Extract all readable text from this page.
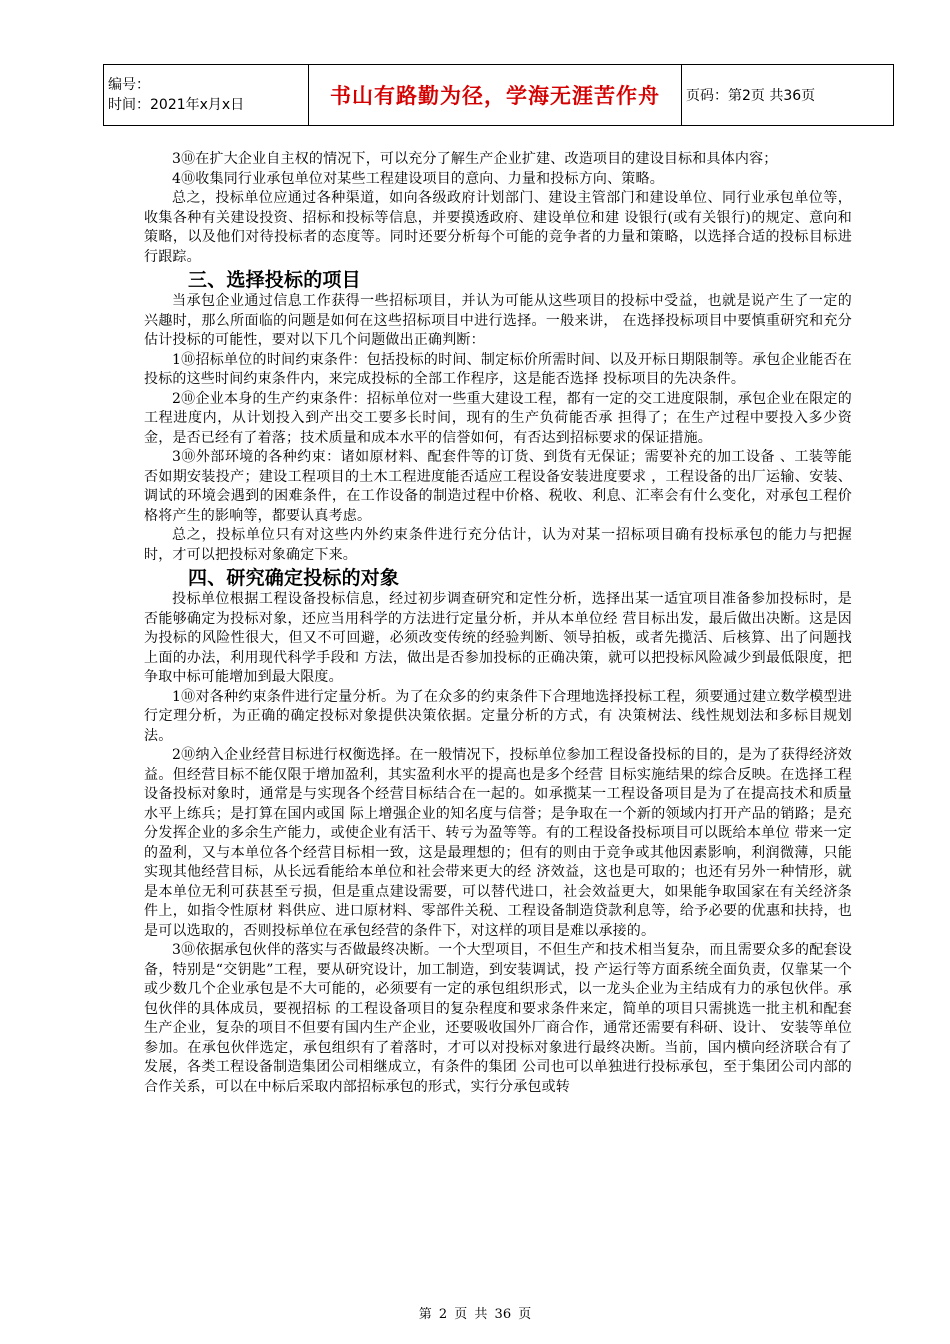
编号：
时间：2021年x月x日	书山有路勤为径，学海无涯苦作舟	页码：第2页 共36页

3⑩在扩大企业自主权的情况下，可以充分了解生产企业扩建、改造项目的建设目标和具体内容；

4⑩收集同行业承包单位对某些工程建设项目的意向、力量和投标方向、策略。

总之，投标单位应通过各种渠道，如向各级政府计划部门、建设主管部门和建设单位、同行业承包单位等，收集各种有关建设投资、招标和投标等信息，并要摸透政府、建设单位和建 设银行(或有关银行)的规定、意向和策略，以及他们对待投标者的态度等。同时还要分析每个可能的竞争者的力量和策略，以选择合适的投标目标进行跟踪。

三、选择投标的项目

当承包企业通过信息工作获得一些招标项目，并认为可能从这些项目的投标中受益，也就是说产生了一定的兴趣时，那么所面临的问题是如何在这些招标项目中进行选择。一般来讲， 在选择投标项目中要慎重研究和充分估计投标的可能性，要对以下几个问题做出正确判断：

1⑩招标单位的时间约束条件：包括投标的时间、制定标价所需时间、以及开标日期限制等。承包企业能否在投标的这些时间约束条件内，来完成投标的全部工作程序，这是能否选择 投标项目的先决条件。

2⑩企业本身的生产约束条件：招标单位对一些重大建设工程，都有一定的交工进度限制，承包企业在限定的工程进度内，从计划投入到产出交工要多长时间，现有的生产负荷能否承 担得了；在生产过程中要投入多少资金，是否已经有了着落；技术质量和成本水平的信誉如何，有否达到招标要求的保证措施。

3⑩外部环境的各种约束：诸如原材料、配套件等的订货、到货有无保证；需要补充的加工设备 、工装等能否如期安装投产；建设工程项目的土木工程进度能否适应工程设备安装进度要求 ，工程设备的出厂运输、安装、调试的环境会遇到的困难条件，在工作设备的制造过程中价格、税收、利息、汇率会有什么变化，对承包工程价格将产生的影响等，都要认真考虑。

总之，投标单位只有对这些内外约束条件进行充分估计，认为对某一招标项目确有投标承包的能力与把握时，才可以把投标对象确定下来。

四、研究确定投标的对象

投标单位根据工程设备投标信息，经过初步调查研究和定性分析，选择出某一适宜项目准备参加投标时，是否能够确定为投标对象，还应当用科学的方法进行定量分析，并从本单位经 营目标出发，最后做出决断。这是因为投标的风险性很大，但又不可回避，必须改变传统的经验判断、领导拍板，或者先揽活、后核算、出了问题找上面的办法，利用现代科学手段和 方法，做出是否参加投标的正确决策，就可以把投标风险减少到最低限度，把争取中标可能增加到最大限度。

1⑩对各种约束条件进行定量分析。为了在众多的约束条件下合理地选择投标工程，须要通过建立数学模型进行定理分析，为正确的确定投标对象提供决策依据。定量分析的方式，有 决策树法、线性规划法和多标目规划法。

2⑩纳入企业经营目标进行权衡选择。在一般情况下，投标单位参加工程设备投标的目的，是为了获得经济效益。但经营目标不能仅限于增加盈利，其实盈利水平的提高也是多个经营 目标实施结果的综合反映。在选择工程设备投标对象时，通常是与实现各个经营目标结合在一起的。如承揽某一工程设备项目是为了在提高技术和质量水平上练兵；是打算在国内或国 际上增强企业的知名度与信誉；是争取在一个新的领域内打开产品的销路；是充分发挥企业的多余生产能力，或使企业有活干、转亏为盈等等。有的工程设备投标项目可以既给本单位 带来一定的盈利，又与本单位各个经营目标相一致，这是最理想的；但有的则由于竞争或其他因素影响，利润微薄，只能实现其他经营目标，从长远看能给本单位和社会带来更大的经 济效益，这也是可取的；也还有另外一种情形，就是本单位无利可获甚至亏损，但是重点建设需要，可以替代进口，社会效益更大，如果能争取国家在有关经济条件上，如指令性原材 料供应、进口原材料、零部件关税、工程设备制造贷款利息等，给予必要的优惠和扶持，也是可以选取的，否则投标单位在承包经营的条件下，对这样的项目是难以承接的。

3⑩依据承包伙伴的落实与否做最终决断。一个大型项目，不但生产和技术相当复杂，而且需要众多的配套设备，特别是“交钥匙”工程，要从研究设计，加工制造，到安装调试，投 产运行等方面系统全面负责，仅靠某一个或少数几个企业承包是不大可能的，必须要有一定的承包组织形式，以一龙头企业为主结成有力的承包伙伴。承包伙伴的具体成员，要视招标 的工程设备项目的复杂程度和要求条件来定，简单的项目只需挑选一批主机和配套生产企业，复杂的项目不但要有国内生产企业，还要吸收国外厂商合作，通常还需要有科研、设计、 安装等单位参加。在承包伙伴选定，承包组织有了着落时，才可以对投标对象进行最终决断。当前，国内横向经济联合有了发展，各类工程设备制造集团公司相继成立，有条件的集团 公司也可以单独进行投标承包，至于集团公司内部的合作关系，可以在中标后采取内部招标承包的形式，实行分承包或转

第 2 页 共 36 页
